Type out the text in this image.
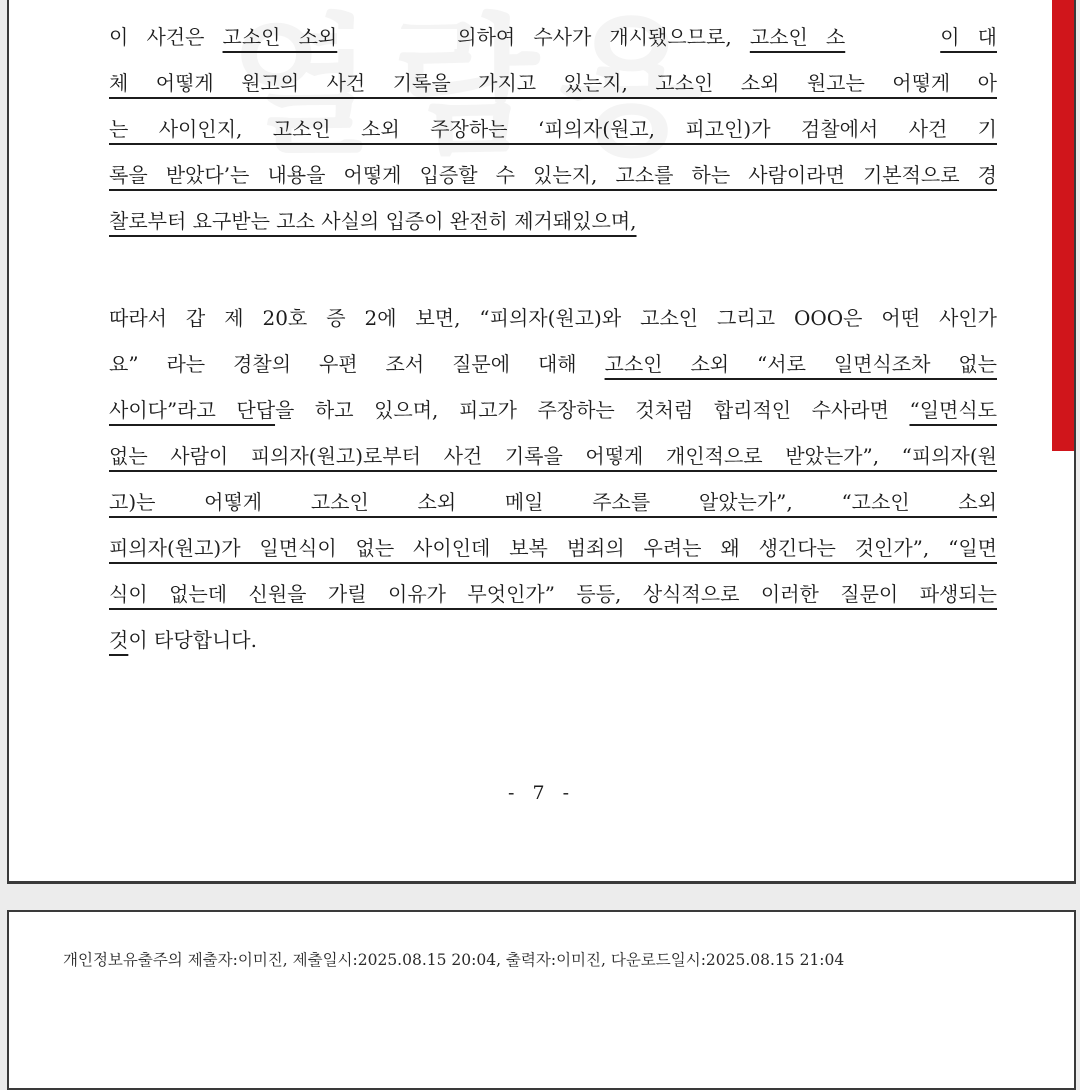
이 사건은 고소인 소외	의하여 수사가 개시됐으므로, 고소인 소	이 대
체 어떻게 원고의 사건 기록을 가지고 있는지, 고소인 소외 원고는 어떻게 아
는 사이인지, 고소인 소외 주장하는 ‘피의자(원고, 피고인)가 검찰에서 사건 기
록을 받았다’는 내용을 어떻게 입증할 수 있는지, 고소를 하는 사람이라면 기본적으로 경
찰로부터 요구받는 고소 사실의 입증이 완전히 제거돼있으며,
따라서 갑 제 20호 증 2에 보면, “피의자(원고)와 고소인 그리고 OOO은 어떤 사인가
요” 라는 경찰의 우편 조서 질문에 대해 고소인 소외 “서로 일면식조차 없는
사이다”라고 단답을 하고 있으며, 피고가 주장하는 것처럼 합리적인 수사라면 “일면식도
없는 사람이 피의자(원고)로부터 사건 기록을 어떻게 개인적으로 받았는가”, “피의자(원
고)는 어떻게 고소인 소외 메일 주소를 알았는가”, “고소인 소외
피의자(원고)가 일면식이 없는 사이인데 보복 범죄의 우려는 왜 생긴다는 것인가”, “일면
식이 없는데 신원을 가릴 이유가 무엇인가” 등등, 상식적으로 이러한 질문이 파생되는
것이 타당합니다.
- 7 -
개인정보유출주의 제출자:이미진, 제출일시:2025.08.15 20:04, 출력자:이미진, 다운로드일시:2025.08.15 21:04
